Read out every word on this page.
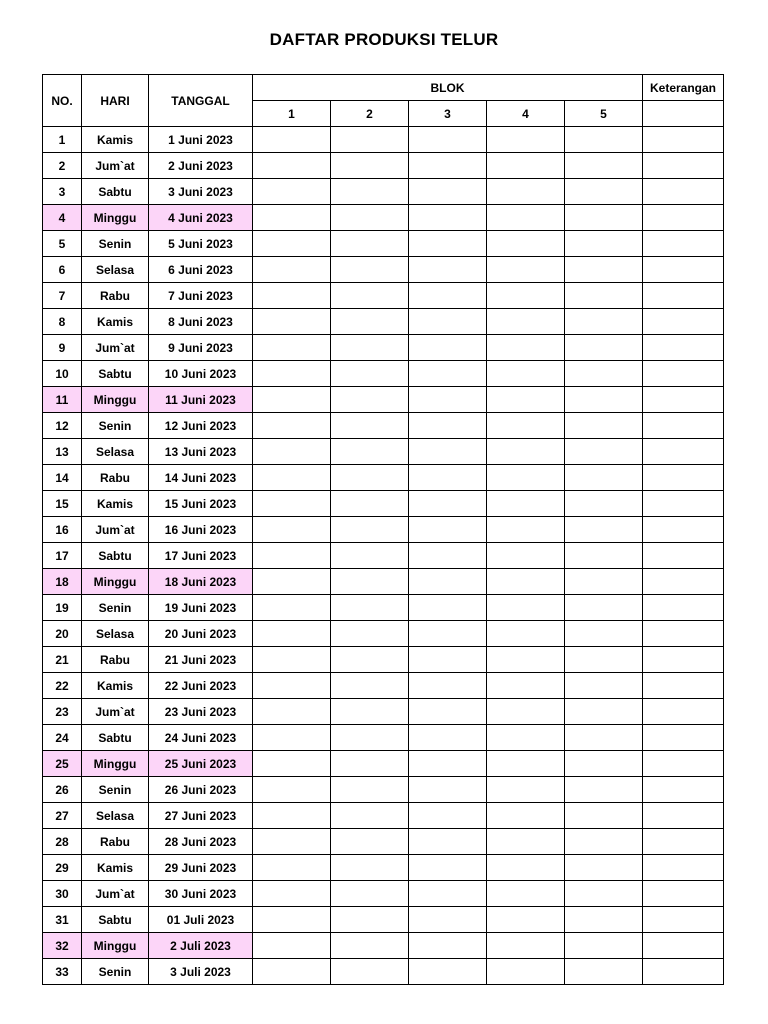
DAFTAR PRODUKSI TELUR
NO.	HARI	TANGGAL	BLOK					Keterangan
			1	2	3	4	5	
1	Kamis	1 Juni 2023						
2	Jum`at	2 Juni 2023						
3	Sabtu	3 Juni 2023						
4	Minggu	4 Juni 2023						
5	Senin	5 Juni 2023						
6	Selasa	6 Juni 2023						
7	Rabu	7 Juni 2023						
8	Kamis	8 Juni 2023						
9	Jum`at	9 Juni 2023						
10	Sabtu	10 Juni 2023						
11	Minggu	11 Juni 2023						
12	Senin	12 Juni 2023						
13	Selasa	13 Juni 2023						
14	Rabu	14 Juni 2023						
15	Kamis	15 Juni 2023						
16	Jum`at	16 Juni 2023						
17	Sabtu	17 Juni 2023						
18	Minggu	18 Juni 2023						
19	Senin	19 Juni 2023						
20	Selasa	20 Juni 2023						
21	Rabu	21 Juni 2023						
22	Kamis	22 Juni 2023						
23	Jum`at	23 Juni 2023						
24	Sabtu	24 Juni 2023						
25	Minggu	25 Juni 2023						
26	Senin	26 Juni 2023						
27	Selasa	27 Juni 2023						
28	Rabu	28 Juni 2023						
29	Kamis	29 Juni 2023						
30	Jum`at	30 Juni 2023						
31	Sabtu	01 Juli 2023						
32	Minggu	2 Juli 2023						
33	Senin	3 Juli 2023						
